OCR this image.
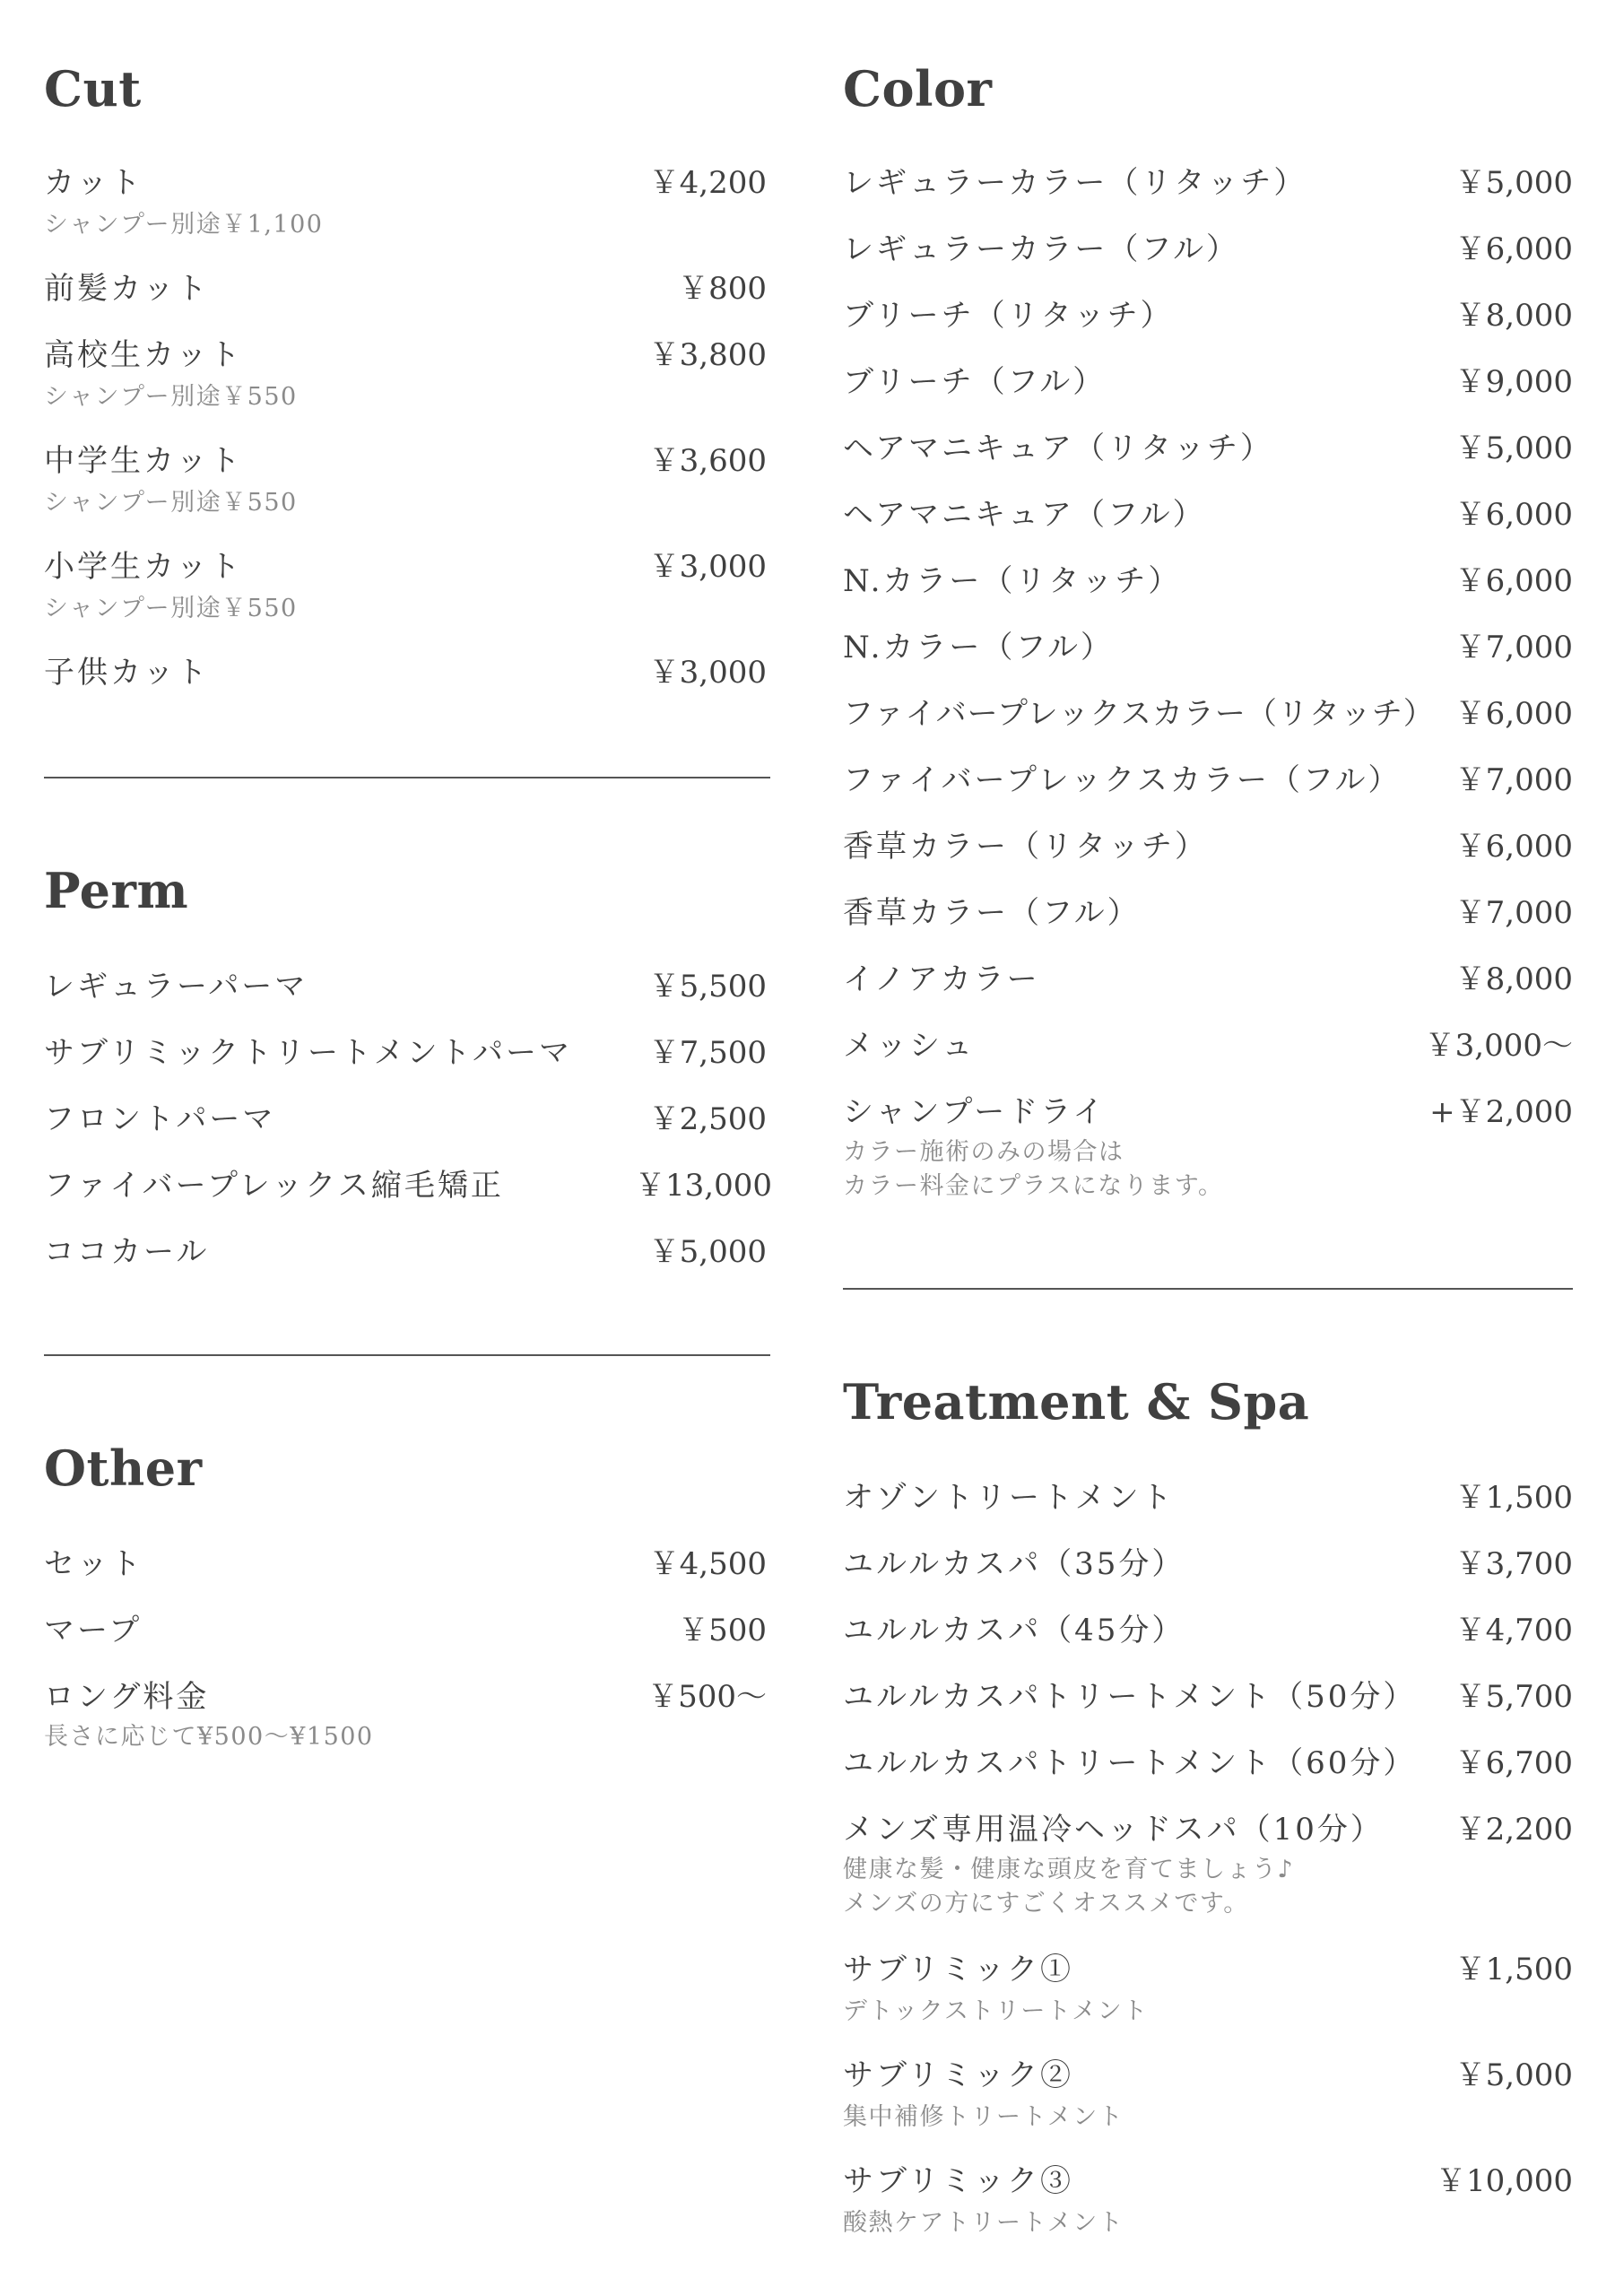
Cut
カット	￥4,200
シャンプー別途￥1,100
前髪カット	￥800
高校生カット	￥3,800
シャンプー別途￥550
中学生カット	￥3,600
シャンプー別途￥550
小学生カット	￥3,000
シャンプー別途￥550
子供カット	￥3,000
Perm
レギュラーパーマ	￥5,500
サブリミックトリートメントパーマ	￥7,500
フロントパーマ	￥2,500
ファイバープレックス縮毛矯正	￥13,000
ココカール	￥5,000
Other
セット	￥4,500
マープ	￥500
ロング料金	￥500〜
長さに応じて¥500〜¥1500
Color
レギュラーカラー（リタッチ）	￥5,000
レギュラーカラー（フル）	￥6,000
ブリーチ（リタッチ）	￥8,000
ブリーチ（フル）	￥9,000
ヘアマニキュア（リタッチ）	￥5,000
ヘアマニキュア（フル）	￥6,000
N.カラー（リタッチ）	￥6,000
N.カラー（フル）	￥7,000
ファイバープレックスカラー（リタッチ） ￥6,000
ファイバープレックスカラー（フル） ￥7,000
香草カラー（リタッチ）	￥6,000
香草カラー（フル）	￥7,000
イノアカラー	￥8,000
メッシュ	￥3,000〜
シャンプードライ	+￥2,000
カラー施術のみの場合は
カラー料金にプラスになります。
Treatment & Spa
オゾントリートメント	￥1,500
ユルルカスパ（35分）	￥3,700
ユルルカスパ（45分）	￥4,700
ユルルカスパトリートメント（50分） ￥5,700
ユルルカスパトリートメント（60分） ￥6,700
メンズ専用温冷ヘッドスパ（10分） ￥2,200
健康な髪・健康な頭皮を育てましょう♪
メンズの方にすごくオススメです。
サブリミック①	￥1,500
デトックストリートメント
サブリミック②	￥5,000
集中補修トリートメント
サブリミック③	￥10,000
酸熱ケアトリートメント
